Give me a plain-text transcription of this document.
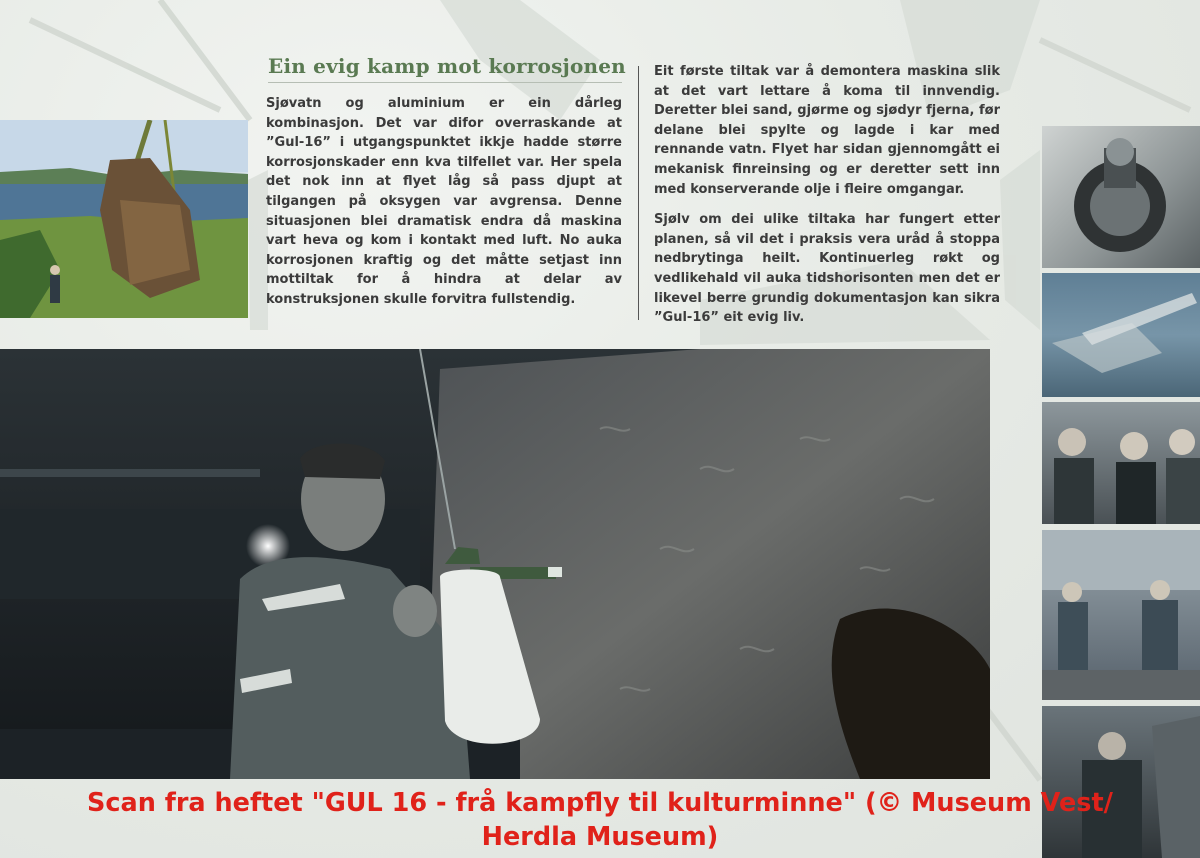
Ein evig kamp mot korrosjonen

Sjøvatn og aluminium er ein dårleg kombinasjon. Det var difor overraskande at ”Gul-16” i utgangspunktet ikkje hadde større korrosjonskader enn kva tilfellet var. Her spela det nok inn at flyet låg så pass djupt at tilgangen på oksygen var avgrensa. Denne situasjonen blei dramatisk endra då maskina vart heva og kom i kontakt med luft. No auka korrosjonen kraftig og det måtte setjast inn mottiltak for å hindra at delar av konstruksjonen skulle forvitra fullstendig.

Eit første tiltak var å demontera maskina slik at det vart lettare å koma til innvendig. Deretter blei sand, gjørme og sjødyr fjerna, før delane blei spylte og lagde i kar med rennande vatn. Flyet har sidan gjennomgått ei mekanisk finreinsing og er deretter sett inn med konserverande olje i fleire omgangar.

Sjølv om dei ulike tiltaka har fungert etter planen, så vil det i praksis vera uråd å stoppa nedbrytinga heilt. Kontinuerleg røkt og vedlikehald vil auka tidshorisonten men det er likevel berre grundig dokumentasjon kan sikra ”Gul-16” eit evig liv.

Scan fra heftet "GUL 16 - frå kampfly til kulturminne" (© Museum Vest/
Herdla Museum)
